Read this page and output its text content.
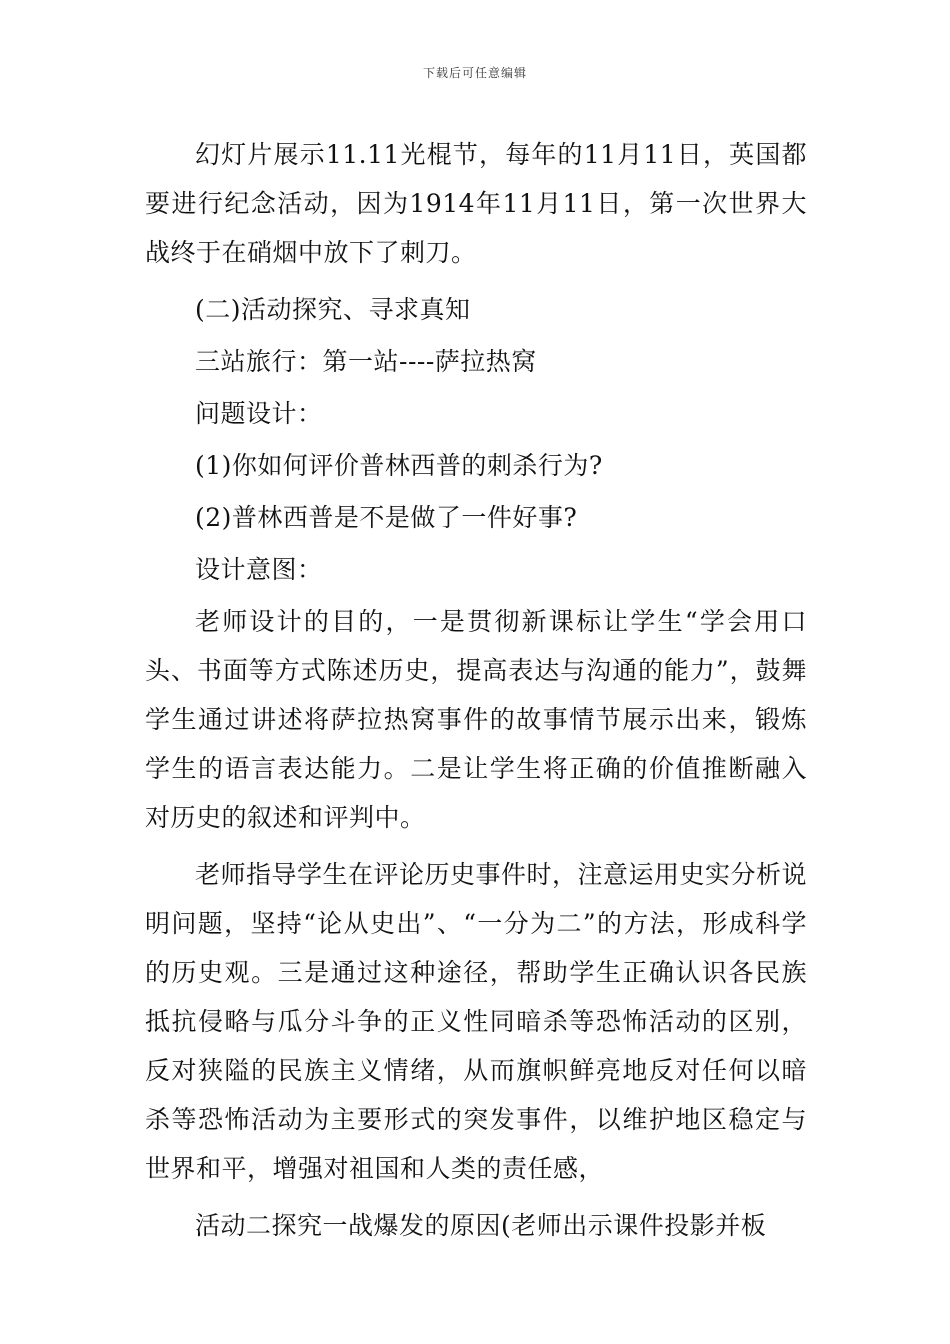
下载后可任意编辑

幻灯片展示11.11光棍节，每年的11月11日，英国都要进行纪念活动，因为1914年11月11日，第一次世界大战终于在硝烟中放下了刺刀。

(二)活动探究、寻求真知

三站旅行：第一站----萨拉热窝

问题设计：

(1)你如何评价普林西普的刺杀行为?

(2)普林西普是不是做了一件好事?

设计意图：

老师设计的目的，一是贯彻新课标让学生“学会用口头、书面等方式陈述历史，提高表达与沟通的能力”，鼓舞学生通过讲述将萨拉热窝事件的故事情节展示出来，锻炼学生的语言表达能力。二是让学生将正确的价值推断融入对历史的叙述和评判中。

老师指导学生在评论历史事件时，注意运用史实分析说明问题，坚持“论从史出”、“一分为二”的方法，形成科学的历史观。三是通过这种途径，帮助学生正确认识各民族抵抗侵略与瓜分斗争的正义性同暗杀等恐怖活动的区别，反对狭隘的民族主义情绪，从而旗帜鲜亮地反对任何以暗杀等恐怖活动为主要形式的突发事件，以维护地区稳定与世界和平，增强对祖国和人类的责任感，

活动二探究一战爆发的原因(老师出示课件投影并板
